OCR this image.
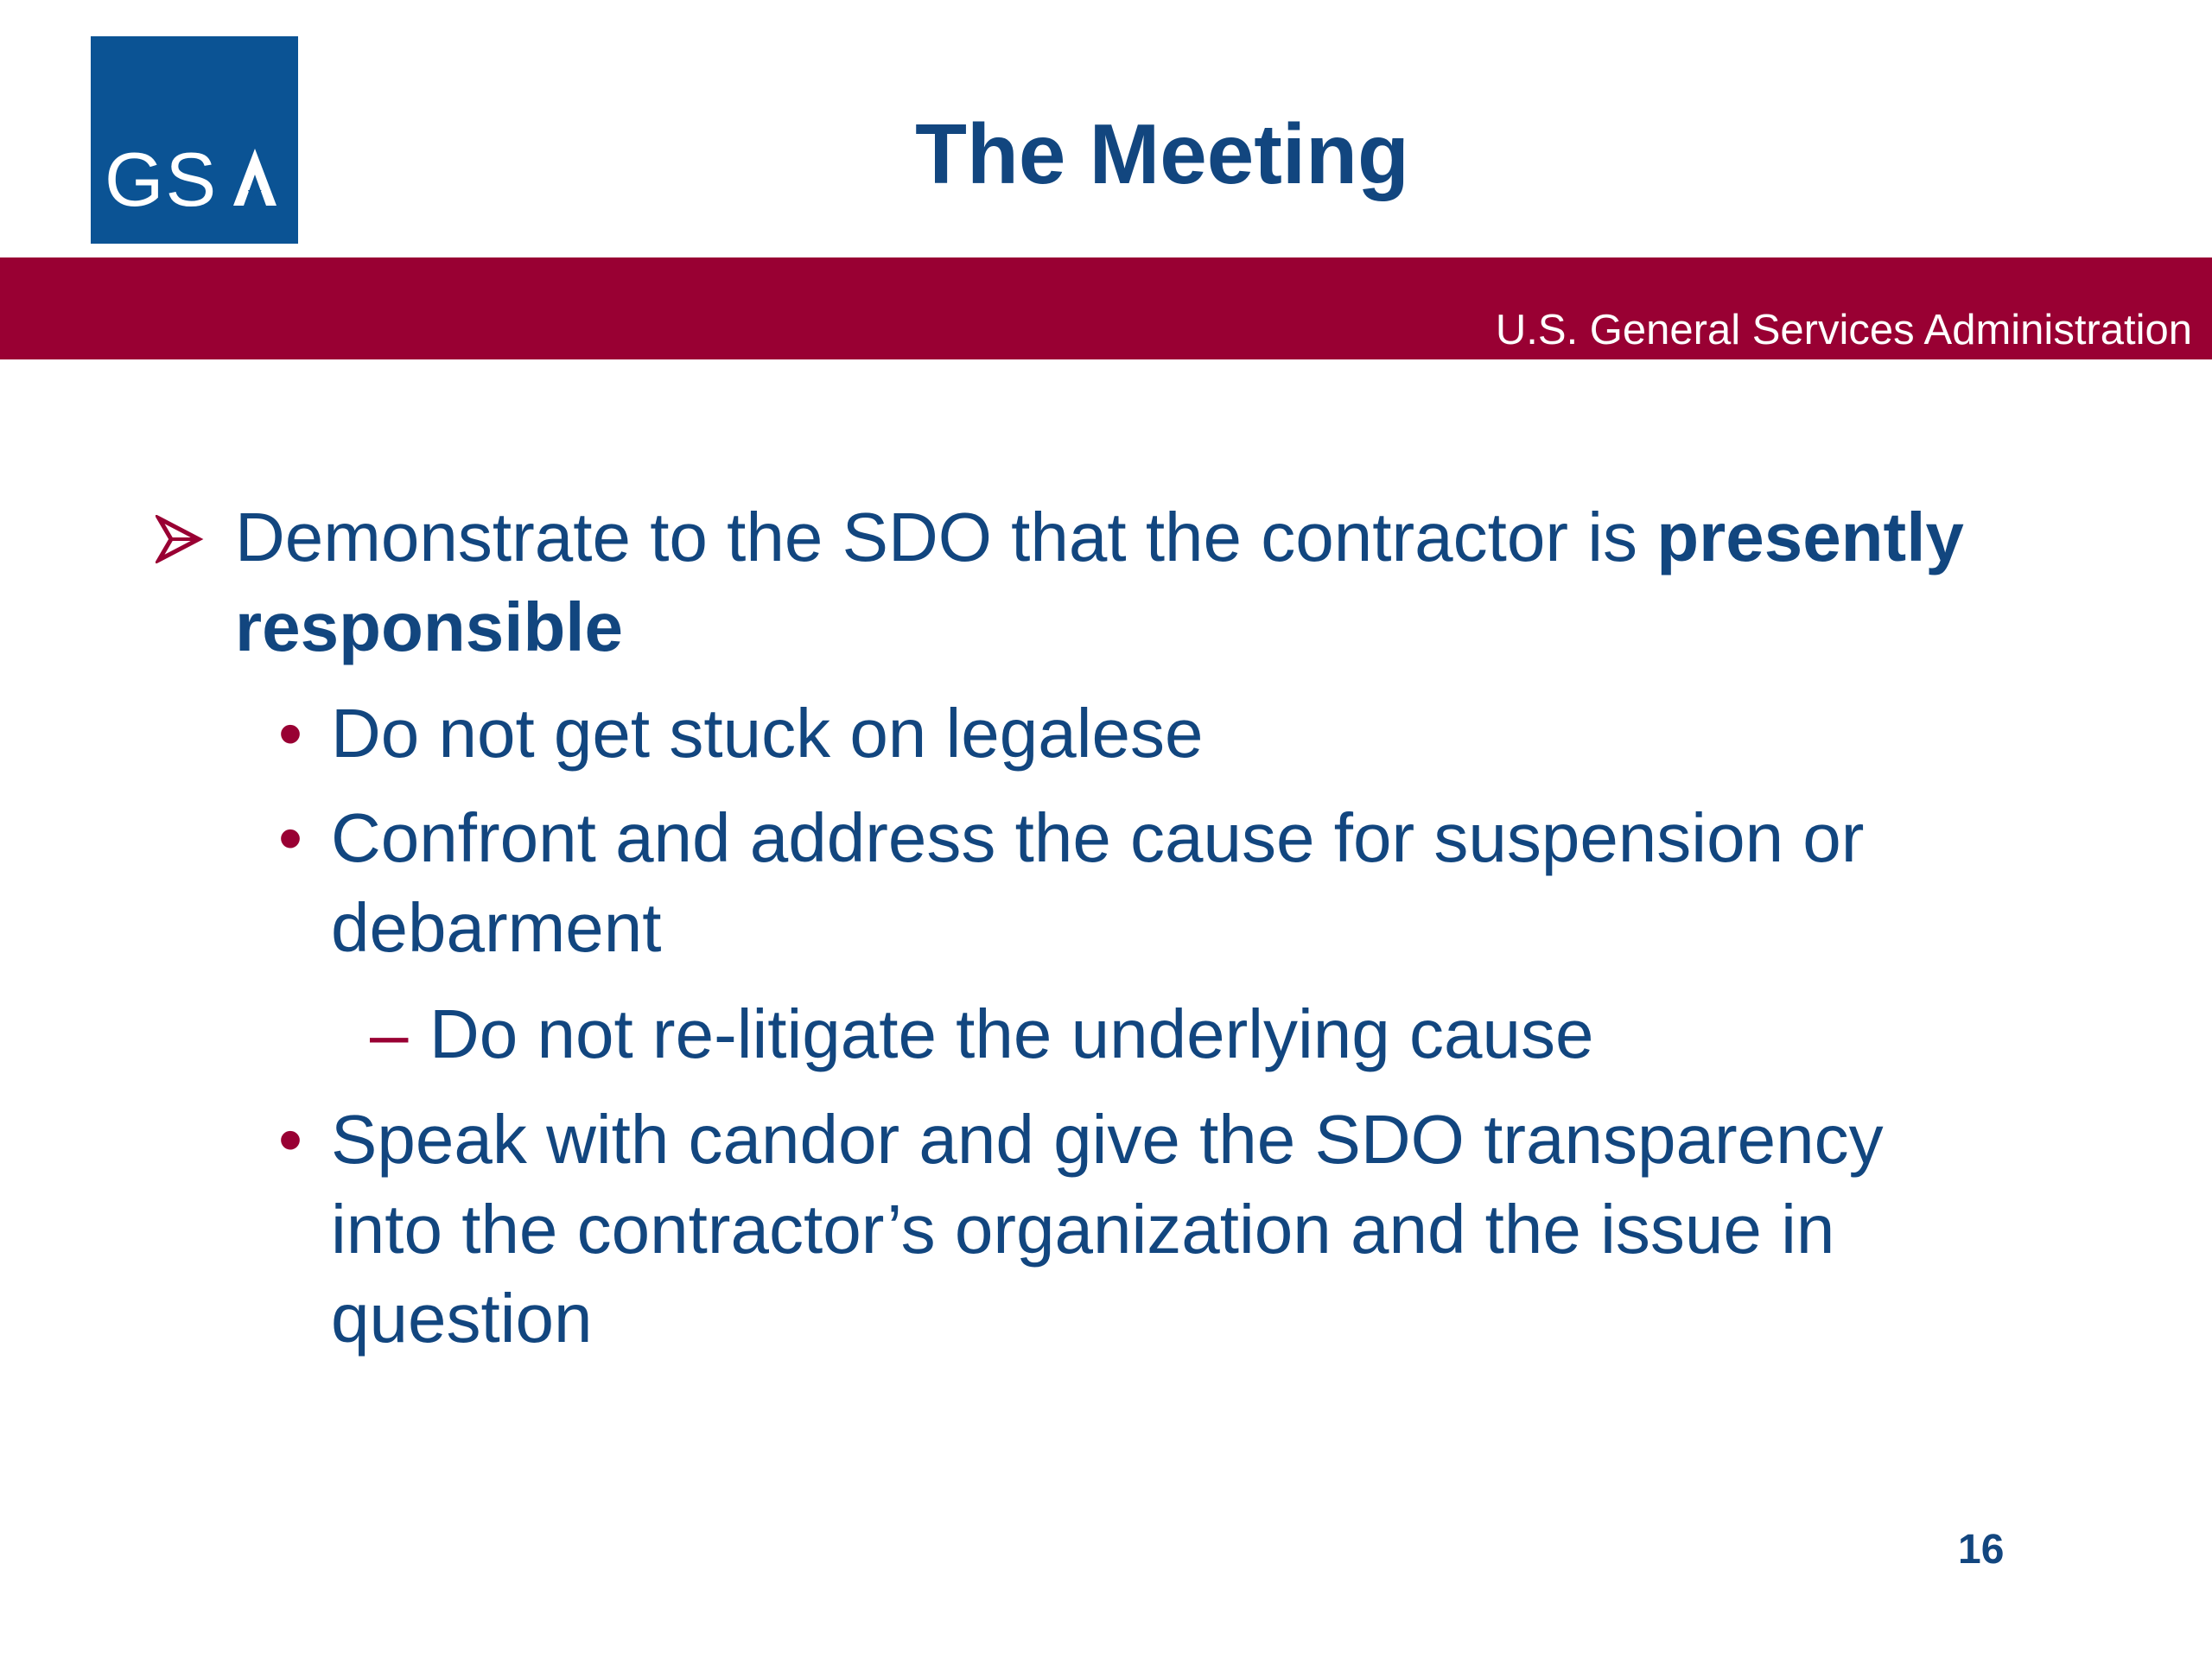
GS	The Meeting
U.S. General Services Administration
Demonstrate to the SDO that the contractor is presently
responsible
• Do not get stuck on legalese
• Confront and address the cause for suspension or
debarment
– Do not re-litigate the underlying cause
• Speak with candor and give the SDO transparency
into the contractor’s organization and the issue in
question
16
